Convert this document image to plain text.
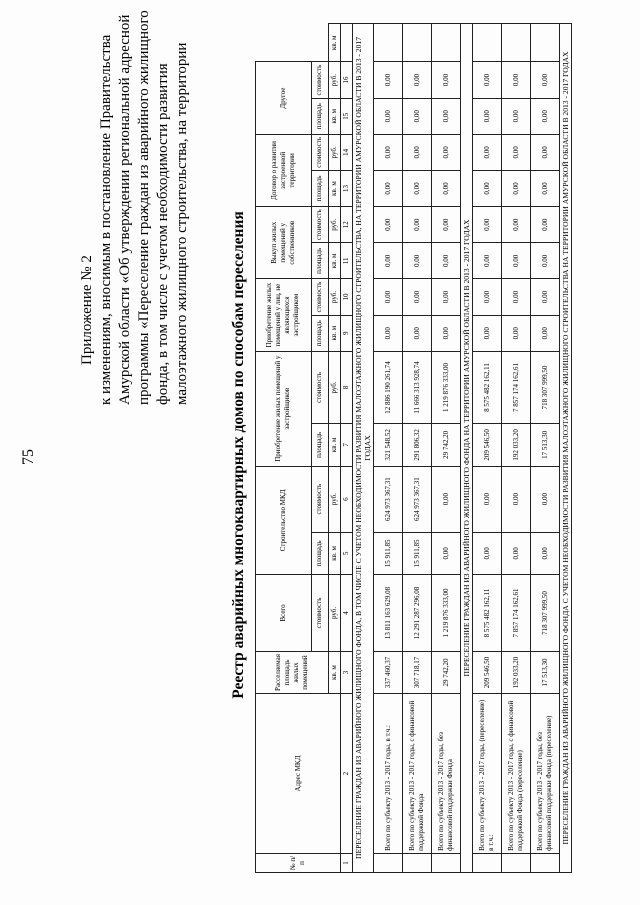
75
Приложение № 2 к изменениям, вносимым в постановление Правительства Амурской области «Об утверждении региональной адресной программы «Переселение граждан из аварийного жилищного фонда, в том числе с учетом необходимости развития малоэтажного жилищного строительства, на территории	Реестр аварийных многоквартирных домов по способам переселения
№ п/п	Адрес МКД	Расселяемая площадь жилых помещений	Всего	Строительство МКД		Приобретение жилых помещений у застройщиков		Приобретение жилых помещений у лиц, не являющихся застройщиком		Выкуп жилых помещений у собственников		Договор о развитии застроенной территории		Другое		
			стоимость	площадь	стоимость	площадь	стоимость	площадь	стоимость	площадь	стоимость	площадь	стоимость	площадь	стоимость	
		кв. м	руб.	кв. м	руб.	кв. м	руб.	кв. м	руб.	кв. м	руб.	кв. м	руб.	кв. м	руб.	кв. м
1	2	3	4	5	6	7	8	9	10	11	12	13	14	15	16	
ПЕРЕСЕЛЕНИЕ ГРАЖДАН ИЗ АВАРИЙНОГО ЖИЛИЩНОГО ФОНДА, В ТОМ ЧИСЛЕ С УЧЕТОМ НЕОБХОДИМОСТИ РАЗВИТИЯ МАЛОЭТАЖНОГО ЖИЛИЩНОГО СТРОИТЕЛЬСТВА, НА ТЕРРИТОРИИ АМУРСКОЙ ОБЛАСТИ В 2013 - 2017 ГОДАХ																
	Всего по субъекту 2013 - 2017 годы, в т.ч.:	337 460,37	13 811 163 629,08	15 911,85	624 973 367,31	321 548,52	12 886 190 261,74	0,00	0,00	0,00	0,00	0,00	0,00	0,00	0,00	
	Всего по субъекту 2013 - 2017 годы, с финансовой поддержкой Фонда	307 718,17	12 291 287 296,08	15 911,85	624 973 367,31	291 806,32	11 666 313 928,74	0,00	0,00	0,00	0,00	0,00	0,00	0,00	0,00	
	Всего по субъекту 2013 - 2017 годы, без финансовой поддержки Фонда	29 742,20	1 219 876 333,00	0,00	0,00	29 742,20	1 219 876 333,00	0,00	0,00	0,00	0,00	0,00	0,00	0,00	0,00	
ПЕРЕСЕЛЕНИЕ ГРАЖДАН ИЗ АВАРИЙНОГО ЖИЛИЩНОГО ФОНДА НА ТЕРРИТОРИИ АМУРСКОЙ ОБЛАСТИ В 2013 - 2017 ГОДАХ																
	Всего по субъекту 2013 - 2017 годы, (переселение) в т.ч.:	209 546,50	8 575 482 162,11	0,00	0,00	209 546,50	8 575 482 162,11	0,00	0,00	0,00	0,00	0,00	0,00	0,00	0,00	
	Всего по субъекту 2013 - 2017 годы, с финансовой поддержкой Фонда (переселение)	192 033,20	7 857 174 162,61	0,00	0,00	192 033,20	7 857 174 162,61	0,00	0,00	0,00	0,00	0,00	0,00	0,00	0,00	
	Всего по субъекту 2013 - 2017 годы, без финансовой поддержки Фонда (переселение)	17 513,30	718 307 999,50	0,00	0,00	17 513,30	718 307 999,50	0,00	0,00	0,00	0,00	0,00	0,00	0,00	0,00	
ПЕРЕСЕЛЕНИЕ ГРАЖДАН ИЗ АВАРИЙНОГО ЖИЛИЩНОГО ФОНДА С УЧЕТОМ НЕОБХОДИМОСТИ РАЗВИТИЯ МАЛОЭТАЖНОГО ЖИЛИЩНОГО СТРОИТЕЛЬСТВА НА ТЕРРИТОРИИ АМУРСКОЙ ОБЛАСТИ В 2013 - 2017 ГОДАХ																
